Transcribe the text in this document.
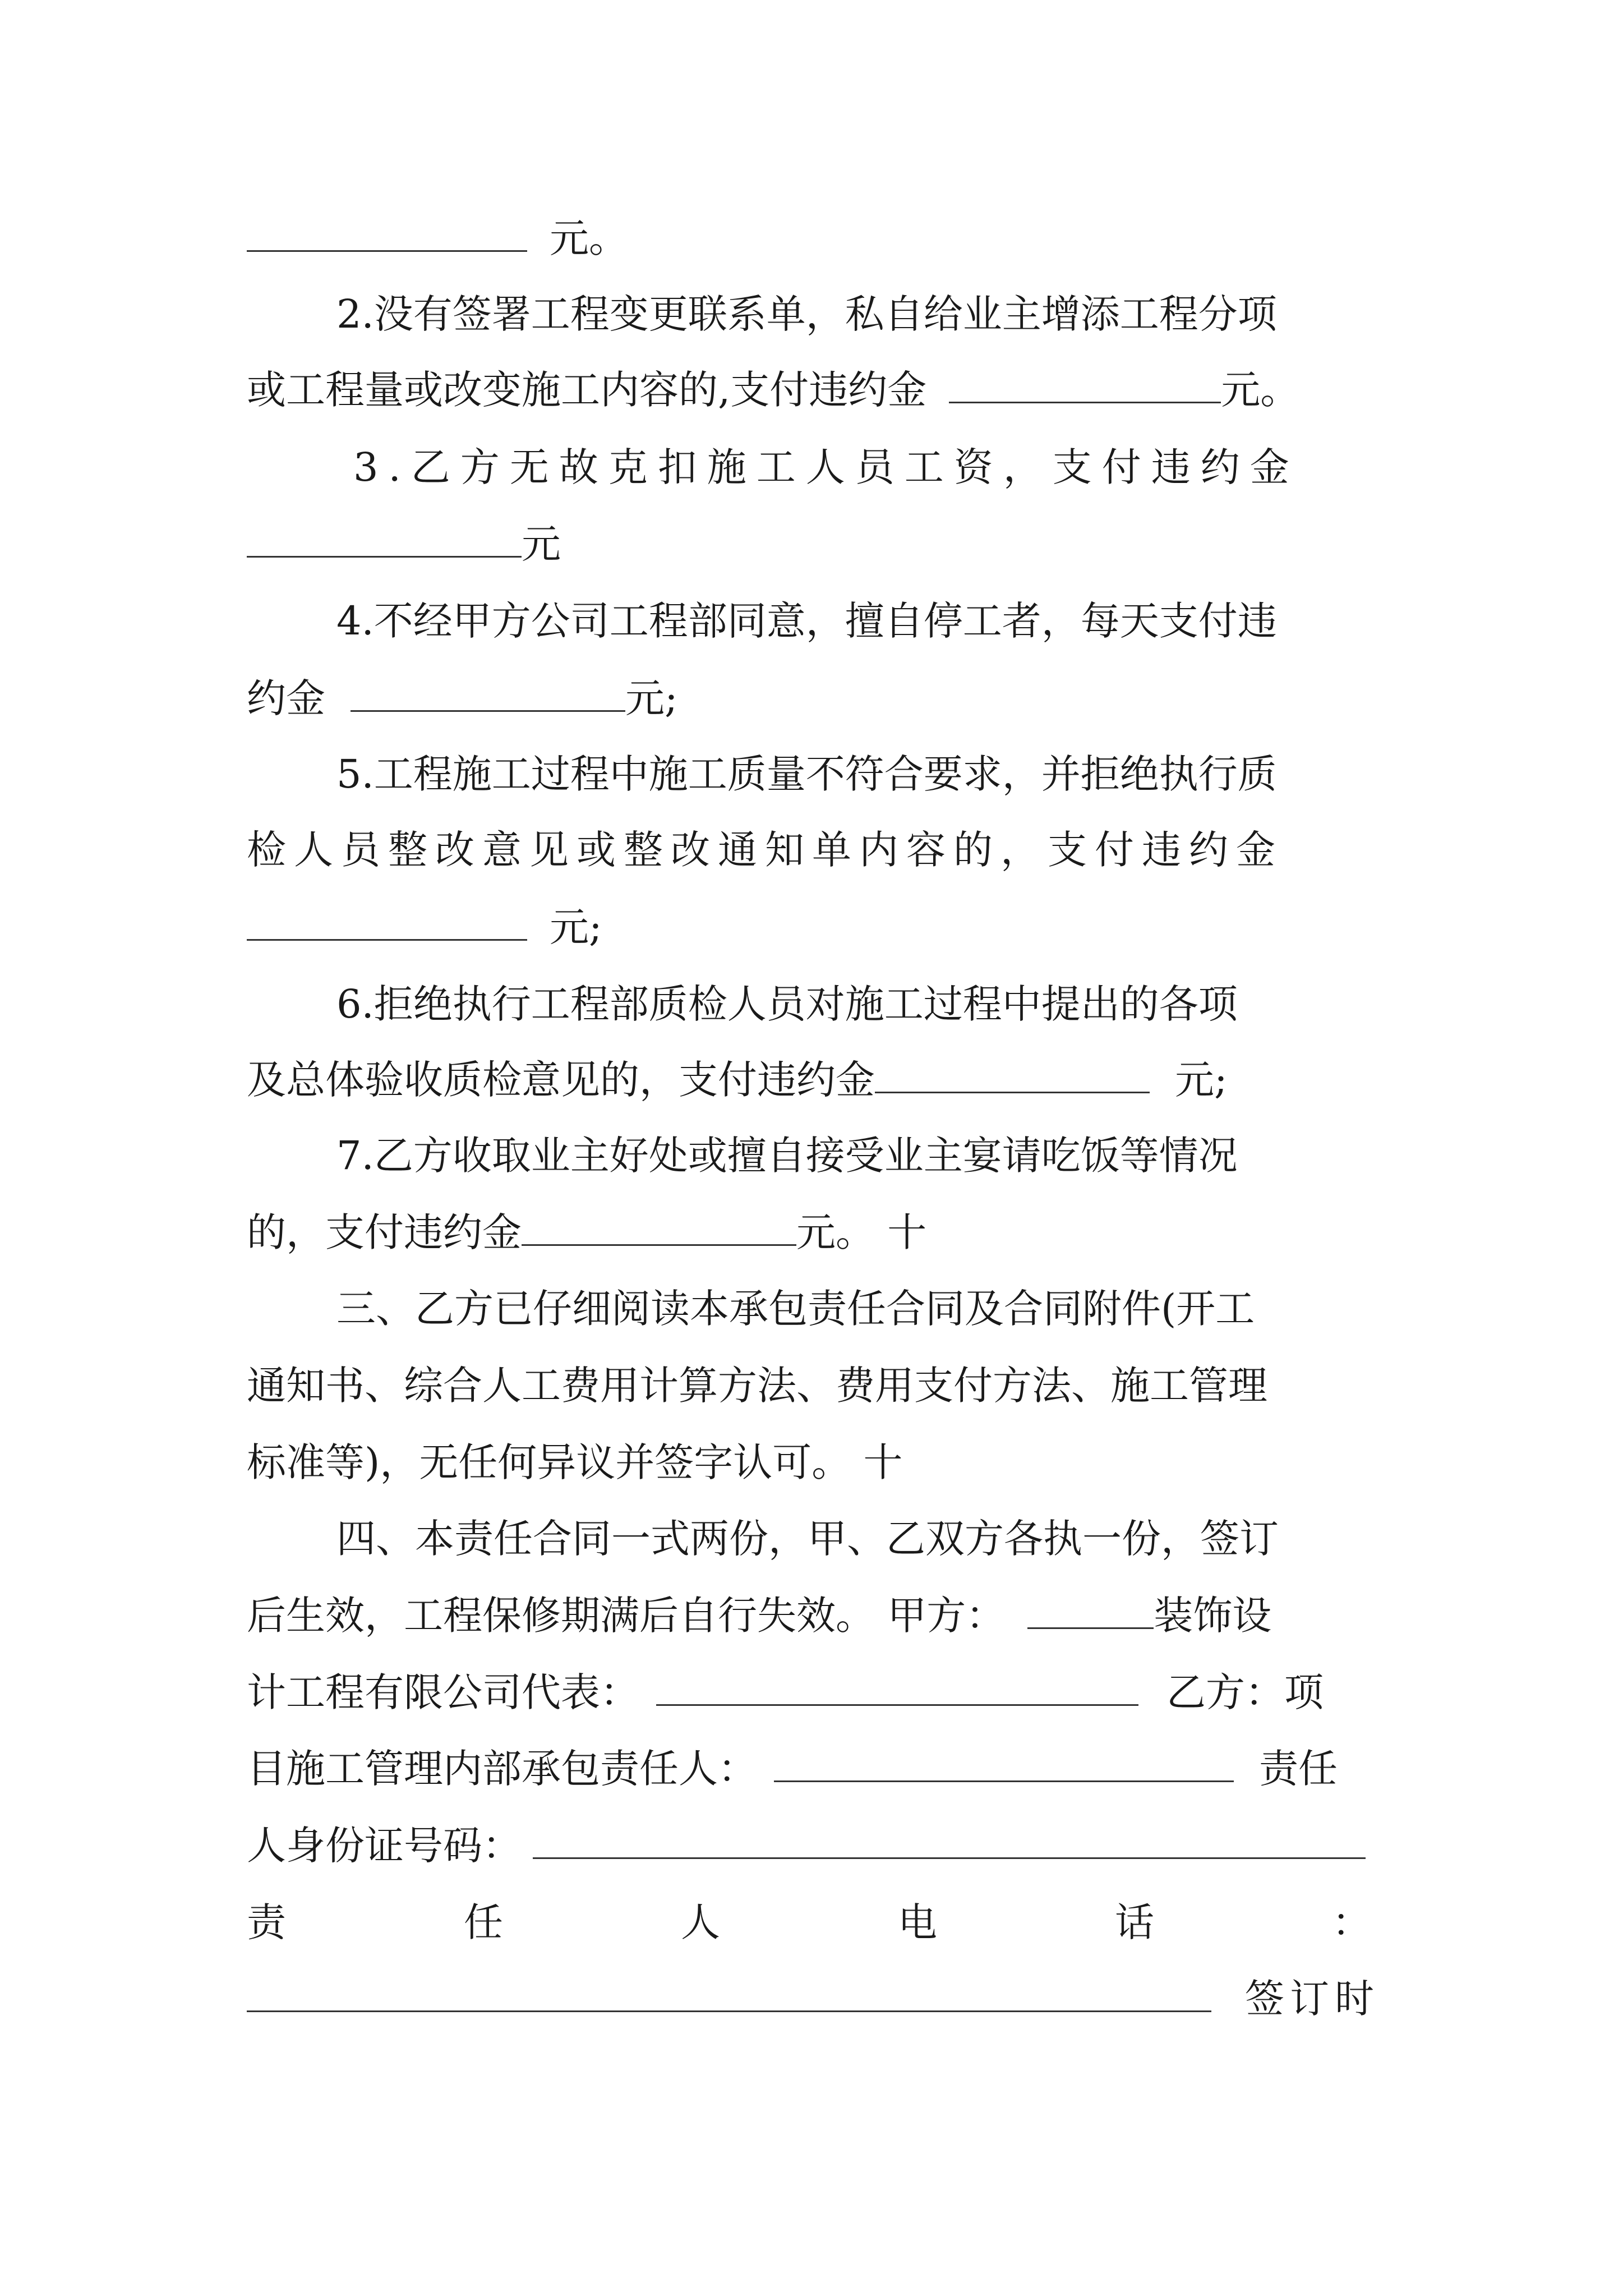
元。
2.没有签署工程变更联系单，私自给业主增添工程分项
或工程量或改变施工内容的,支付违约金	元。
3.乙方无故克扣施工人员工资，支付违约金
元
4.不经甲方公司工程部同意，擅自停工者，每天支付违
约金	元;
5.工程施工过程中施工质量不符合要求，并拒绝执行质
检人员整改意见或整改通知单内容的，支付违约金
元;
6.拒绝执行工程部质检人员对施工过程中提出的各项
及总体验收质检意见的，支付违约金	元;
7.乙方收取业主好处或擅自接受业主宴请吃饭等情况
的，支付违约金	元。 十
三、乙方已仔细阅读本承包责任合同及合同附件(开工
通知书、综合人工费用计算方法、费用支付方法、施工管理
标准等)，无任何异议并签字认可。 十
四、本责任合同一式两份，甲、乙双方各执一份，签订
后生效，工程保修期满后自行失效。 甲方：	装饰设
计工程有限公司代表：	乙方：项
目施工管理内部承包责任人：	责任
人身份证号码：
责	任	人	电	话	：
签订时
